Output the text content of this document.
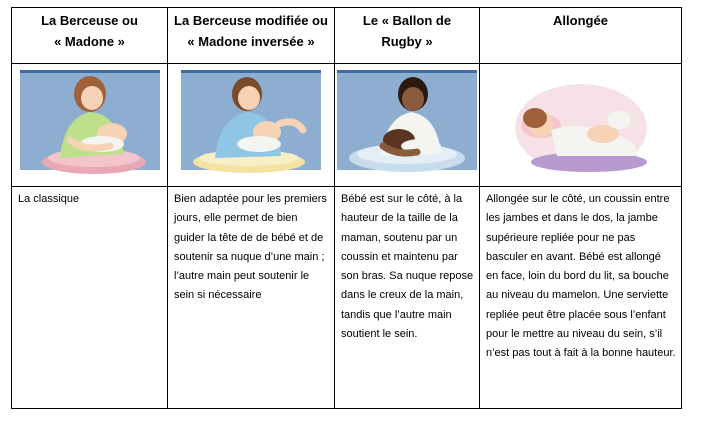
La Berceuse ou
« Madone »	La Berceuse modifiée ou
« Madone inversée »	Le « Ballon de
Rugby »	Allongée

La classique	Bien adaptée pour les premiers jours, elle permet de bien guider la tête de de bébé et de soutenir sa nuque d’une main ; l’autre main peut soutenir le sein si nécessaire	Bébé est sur le côté, à la hauteur de la taille de la maman, soutenu par un coussin et maintenu par son bras. Sa nuque repose dans le creux de la main, tandis que l’autre main soutient le sein.	Allongée sur le côté, un coussin entre les jambes et dans le dos, la jambe supérieure repliée pour ne pas basculer en avant. Bébé est allongé en face, loin du bord du lit, sa bouche au niveau du mamelon. Une serviette repliée peut être placée sous l’enfant pour le mettre au niveau du sein, s’il n’est pas tout à fait à la bonne hauteur.
